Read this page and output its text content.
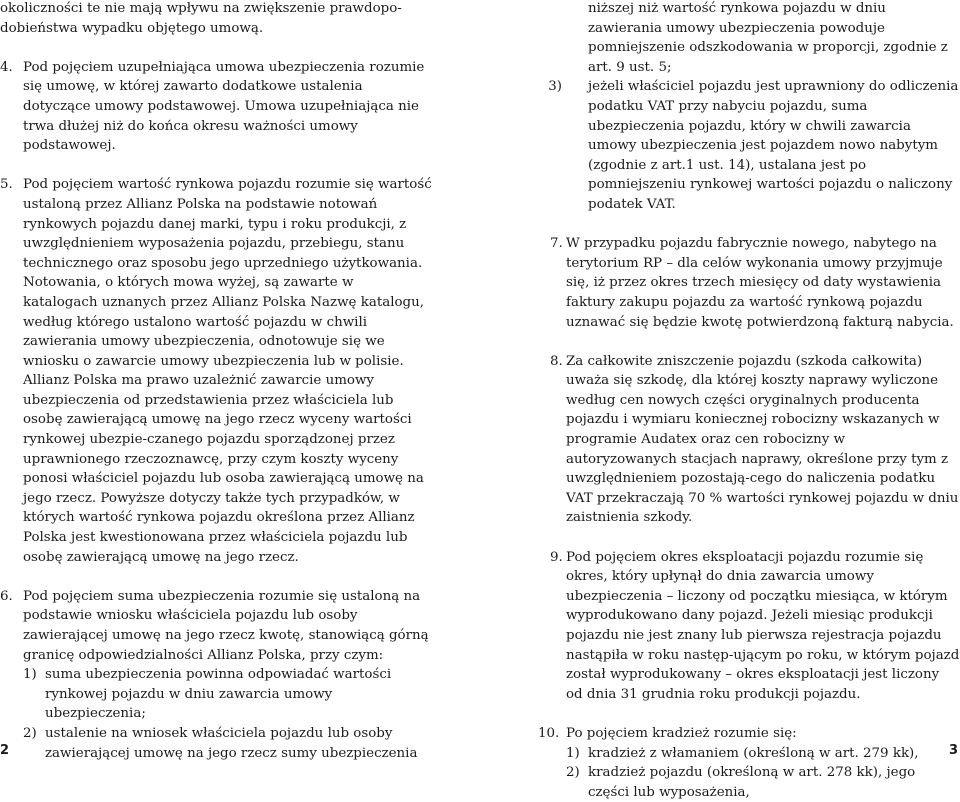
okoliczności te nie mają wpływu na zwiększenie prawdopo-dobieństwa wypadku objętego umową.

4. Pod pojęciem uzupełniająca umowa ubezpieczenia rozumie się umowę, w której zawarto dodatkowe ustalenia dotyczące umowy podstawowej. Umowa uzupełniająca nie trwa dłużej niż do końca okresu ważności umowy podstawowej.

5. Pod pojęciem wartość rynkowa pojazdu rozumie się wartość ustaloną przez Allianz Polska na podstawie notowań rynkowych pojazdu danej marki, typu i roku produkcji, z uwzględnieniem wyposażenia pojazdu, przebiegu, stanu technicznego oraz sposobu jego uprzedniego użytkowania. Notowania, o których mowa wyżej, są zawarte w katalogach uznanych przez Allianz Polska Nazwę katalogu, według którego ustalono wartość pojazdu w chwili zawierania umowy ubezpieczenia, odnotowuje się we wniosku o zawarcie umowy ubezpieczenia lub w polisie. Allianz Polska ma prawo uzależnić zawarcie umowy ubezpieczenia od przedstawienia przez właściciela lub osobę zawierającą umowę na jego rzecz wyceny wartości rynkowej ubezpie-czanego pojazdu sporządzonej przez uprawnionego rzeczoznawcę, przy czym koszty wyceny ponosi właściciel pojazdu lub osoba zawierającą umowę na jego rzecz. Powyższe dotyczy także tych przypadków, w których wartość rynkowa pojazdu określona przez Allianz Polska jest kwestionowana przez właściciela pojazdu lub osobę zawierającą umowę na jego rzecz.

6. Pod pojęciem suma ubezpieczenia rozumie się ustaloną na podstawie wniosku właściciela pojazdu lub osoby zawierającej umowę na jego rzecz kwotę, stanowiącą górną granicę odpowiedzialności Allianz Polska, przy czym:

1) suma ubezpieczenia powinna odpowiadać wartości rynkowej pojazdu w dniu zawarcia umowy ubezpieczenia;

2) ustalenie na wniosek właściciela pojazdu lub osoby zawierającej umowę na jego rzecz sumy ubezpieczenia

niższej niż wartość rynkowa pojazdu w dniu zawierania umowy ubezpieczenia powoduje pomniejszenie odszkodowania w proporcji, zgodnie z art. 9 ust. 5;

3) jeżeli właściciel pojazdu jest uprawniony do odliczenia podatku VAT przy nabyciu pojazdu, suma ubezpieczenia pojazdu, który w chwili zawarcia umowy ubezpieczenia jest pojazdem nowo nabytym (zgodnie z art.1 ust. 14), ustalana jest po pomniejszeniu rynkowej wartości pojazdu o naliczony podatek VAT.

7. W przypadku pojazdu fabrycznie nowego, nabytego na terytorium RP – dla celów wykonania umowy przyjmuje się, iż przez okres trzech miesięcy od daty wystawienia faktury zakupu pojazdu za wartość rynkową pojazdu uznawać się będzie kwotę potwierdzoną fakturą nabycia.

8. Za całkowite zniszczenie pojazdu (szkoda całkowita) uważa się szkodę, dla której koszty naprawy wyliczone według cen nowych części oryginalnych producenta pojazdu i wymiaru koniecznej robocizny wskazanych w programie Audatex oraz cen robocizny w autoryzowanych stacjach naprawy, określone przy tym z uwzględnieniem pozostają-cego do naliczenia podatku VAT przekraczają 70 % wartości rynkowej pojazdu w dniu zaistnienia szkody.

9. Pod pojęciem okres eksploatacji pojazdu rozumie się okres, który upłynął do dnia zawarcia umowy ubezpieczenia – liczony od początku miesiąca, w którym wyprodukowano dany pojazd. Jeżeli miesiąc produkcji pojazdu nie jest znany lub pierwsza rejestracja pojazdu nastąpiła w roku następ-ującym po roku, w którym pojazd został wyprodukowany – okres eksploatacji jest liczony od dnia 31 grudnia roku produkcji pojazdu.

10. Po pojęciem kradzież rozumie się:

1) kradzież z włamaniem (określoną w art. 279 kk),

2) kradzież pojazdu (określoną w art. 278 kk), jego części lub wyposażenia,

2	3
